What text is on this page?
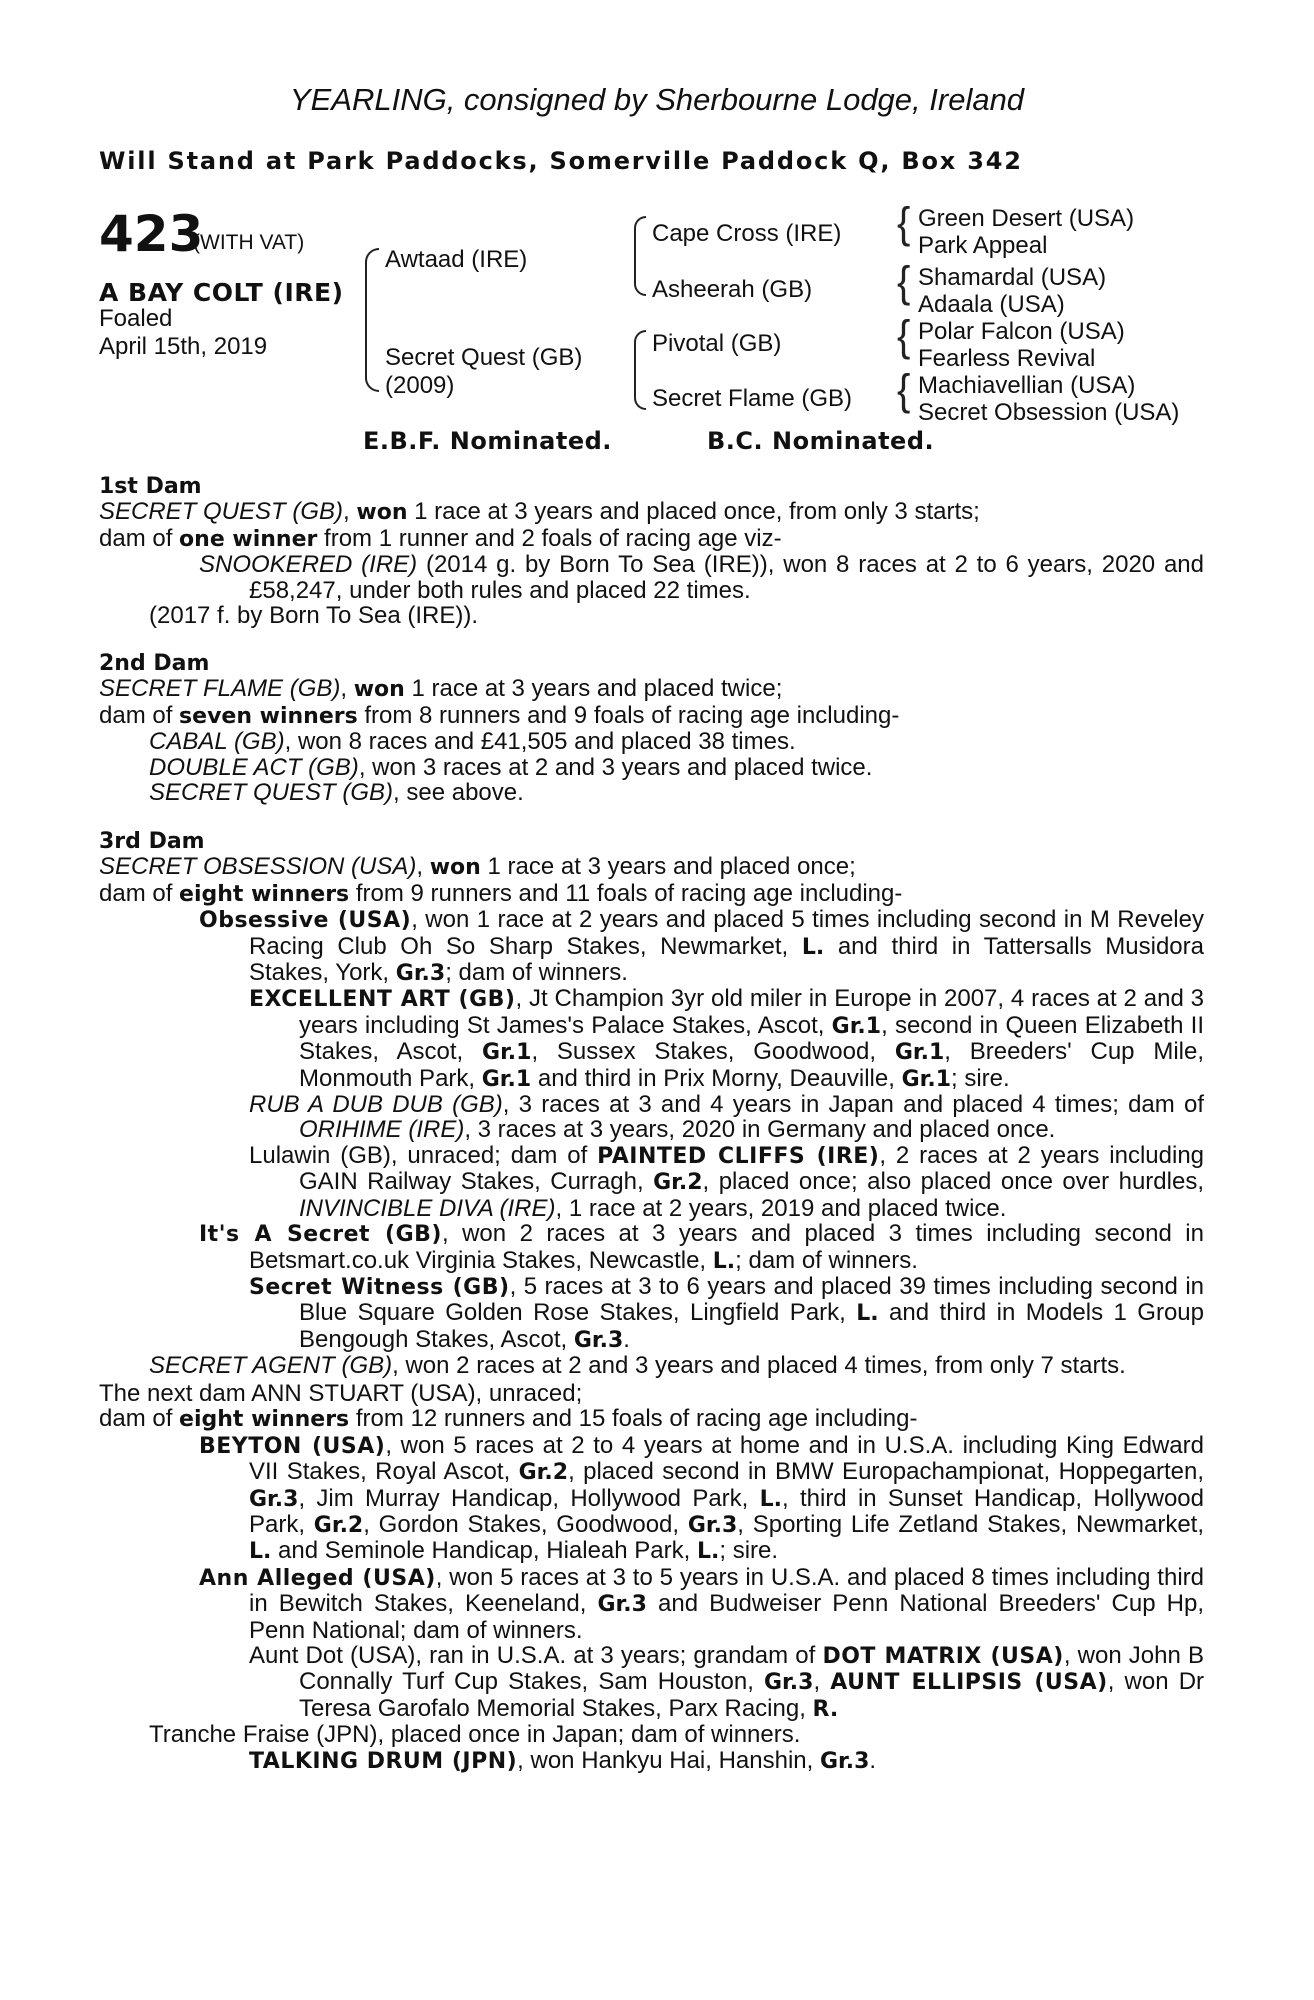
YEARLING, consigned by Sherbourne Lodge, Ireland
Will Stand at Park Paddocks, Somerville Paddock Q, Box 342
423
(WITH VAT)
A BAY COLT (IRE)
Foaled
April 15th, 2019
Awtaad (IRE)
Secret Quest (GB)
(2009)
Cape Cross (IRE)
Asheerah (GB)
Pivotal (GB)
Secret Flame (GB)
{ Green Desert (USA)
Park Appeal
{ Shamardal (USA)
Adaala (USA)
{ Polar Falcon (USA)
Fearless Revival
{ Machiavellian (USA)
Secret Obsession (USA)
E.B.F. Nominated.	B.C. Nominated.

1st Dam

SECRET QUEST (GB), won 1 race at 3 years and placed once, from only 3 starts;

dam of one winner from 1 runner and 2 foals of racing age viz-

SNOOKERED (IRE) (2014 g. by Born To Sea (IRE)), won 8 races at 2 to 6 years, 2020 and £58,247, under both rules and placed 22 times.

(2017 f. by Born To Sea (IRE)).

2nd Dam

SECRET FLAME (GB), won 1 race at 3 years and placed twice;

dam of seven winners from 8 runners and 9 foals of racing age including-

CABAL (GB), won 8 races and £41,505 and placed 38 times.

DOUBLE ACT (GB), won 3 races at 2 and 3 years and placed twice.

SECRET QUEST (GB), see above.

3rd Dam

SECRET OBSESSION (USA), won 1 race at 3 years and placed once;

dam of eight winners from 9 runners and 11 foals of racing age including-

Obsessive (USA), won 1 race at 2 years and placed 5 times including second in M Reveley Racing Club Oh So Sharp Stakes, Newmarket, L. and third in Tattersalls Musidora Stakes, York, Gr.3; dam of winners.

EXCELLENT ART (GB), Jt Champion 3yr old miler in Europe in 2007, 4 races at 2 and 3 years including St James's Palace Stakes, Ascot, Gr.1, second in Queen Elizabeth II Stakes, Ascot, Gr.1, Sussex Stakes, Goodwood, Gr.1, Breeders' Cup Mile, Monmouth Park, Gr.1 and third in Prix Morny, Deauville, Gr.1; sire.

RUB A DUB DUB (GB), 3 races at 3 and 4 years in Japan and placed 4 times; dam of ORIHIME (IRE), 3 races at 3 years, 2020 in Germany and placed once.

Lulawin (GB), unraced; dam of PAINTED CLIFFS (IRE), 2 races at 2 years including GAIN Railway Stakes, Curragh, Gr.2, placed once; also placed once over hurdles, INVINCIBLE DIVA (IRE), 1 race at 2 years, 2019 and placed twice.

It's A Secret (GB), won 2 races at 3 years and placed 3 times including second in Betsmart.co.uk Virginia Stakes, Newcastle, L.; dam of winners.

Secret Witness (GB), 5 races at 3 to 6 years and placed 39 times including second in Blue Square Golden Rose Stakes, Lingfield Park, L. and third in Models 1 Group Bengough Stakes, Ascot, Gr.3.

SECRET AGENT (GB), won 2 races at 2 and 3 years and placed 4 times, from only 7 starts.

The next dam ANN STUART (USA), unraced;

dam of eight winners from 12 runners and 15 foals of racing age including-

BEYTON (USA), won 5 races at 2 to 4 years at home and in U.S.A. including King Edward VII Stakes, Royal Ascot, Gr.2, placed second in BMW Europachampionat, Hoppegarten, Gr.3, Jim Murray Handicap, Hollywood Park, L., third in Sunset Handicap, Hollywood Park, Gr.2, Gordon Stakes, Goodwood, Gr.3, Sporting Life Zetland Stakes, Newmarket, L. and Seminole Handicap, Hialeah Park, L.; sire.

Ann Alleged (USA), won 5 races at 3 to 5 years in U.S.A. and placed 8 times including third in Bewitch Stakes, Keeneland, Gr.3 and Budweiser Penn National Breeders' Cup Hp, Penn National; dam of winners.

Aunt Dot (USA), ran in U.S.A. at 3 years; grandam of DOT MATRIX (USA), won John B Connally Turf Cup Stakes, Sam Houston, Gr.3, AUNT ELLIPSIS (USA), won Dr Teresa Garofalo Memorial Stakes, Parx Racing, R.

Tranche Fraise (JPN), placed once in Japan; dam of winners.

TALKING DRUM (JPN), won Hankyu Hai, Hanshin, Gr.3.
